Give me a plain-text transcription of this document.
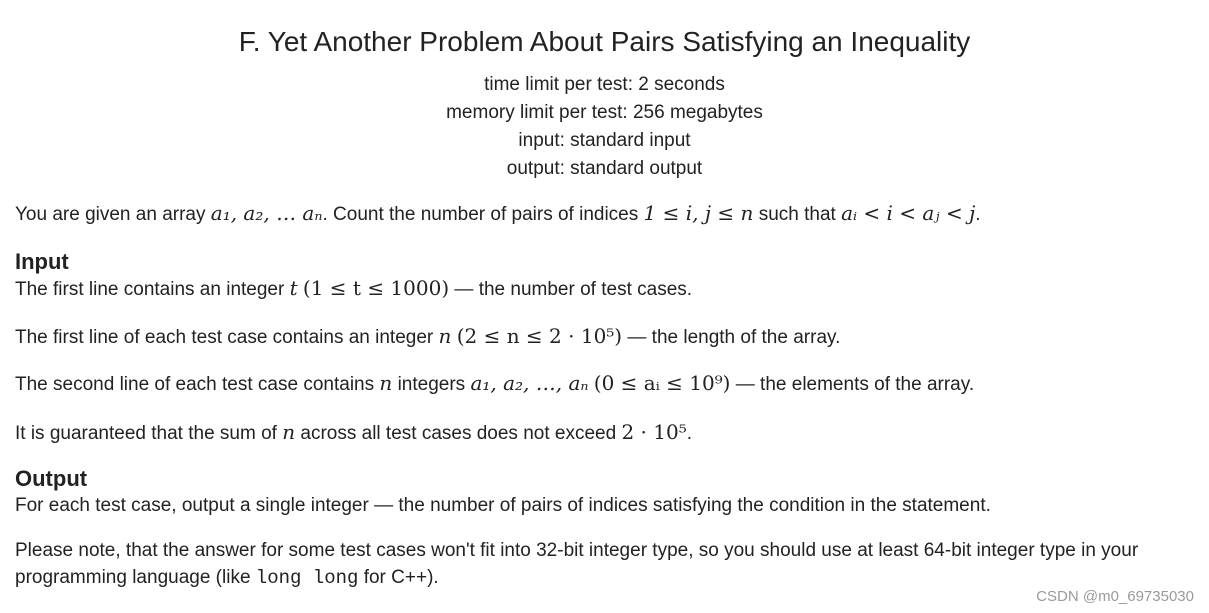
F. Yet Another Problem About Pairs Satisfying an Inequality
time limit per test: 2 seconds
memory limit per test: 256 megabytes
input: standard input
output: standard output
You are given an array a₁, a₂, … aₙ. Count the number of pairs of indices 1 ≤ i, j ≤ n such that aᵢ < i < aⱼ < j.
Input
The first line contains an integer t (1 ≤ t ≤ 1000) — the number of test cases.
The first line of each test case contains an integer n (2 ≤ n ≤ 2 · 10⁵) — the length of the array.
The second line of each test case contains n integers a₁, a₂, …, aₙ (0 ≤ aᵢ ≤ 10⁹) — the elements of the array.
It is guaranteed that the sum of n across all test cases does not exceed 2 · 10⁵.
Output
For each test case, output a single integer — the number of pairs of indices satisfying the condition in the statement.
Please note, that the answer for some test cases won't fit into 32-bit integer type, so you should use at least 64-bit integer type in your programming language (like long long for C++).
CSDN @m0_69735030
